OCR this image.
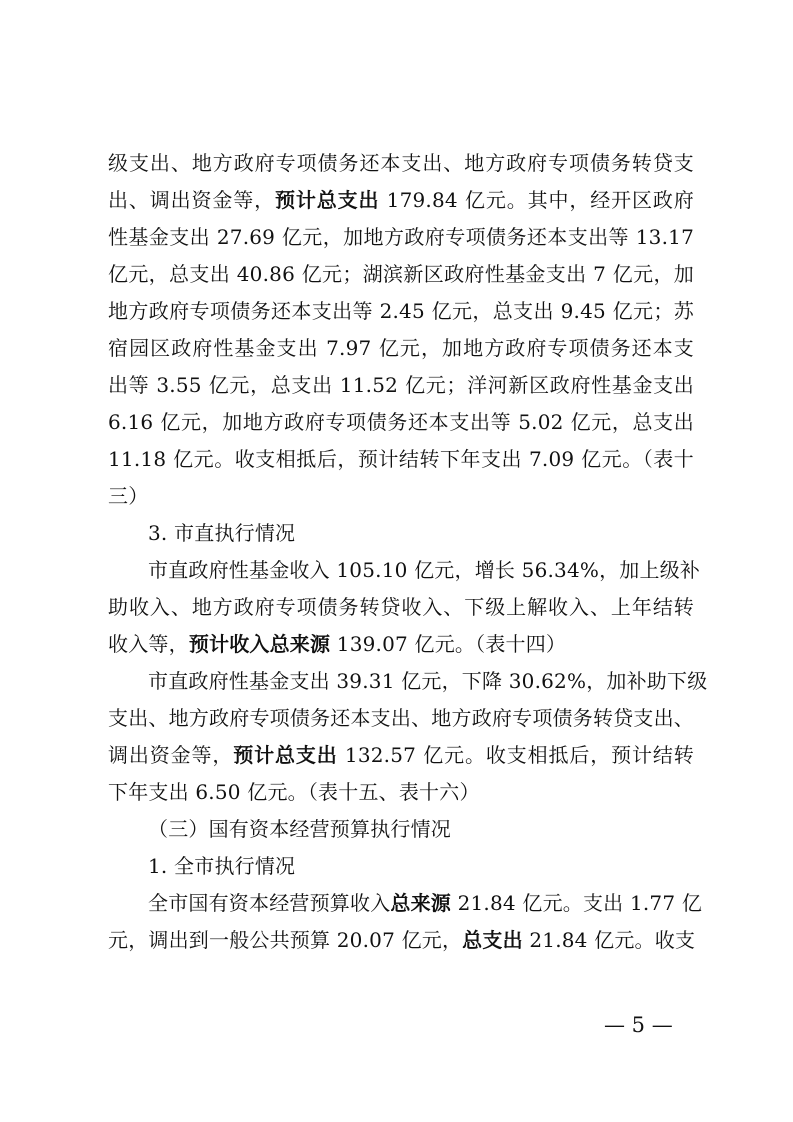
级支出、地方政府专项债务还本支出、地方政府专项债务转贷支
出、调出资金等，预计总支出 179.84 亿元。其中，经开区政府
性基金支出 27.69 亿元，加地方政府专项债务还本支出等 13.17
亿元，总支出 40.86 亿元；湖滨新区政府性基金支出 7 亿元，加
地方政府专项债务还本支出等 2.45 亿元，总支出 9.45 亿元；苏
宿园区政府性基金支出 7.97 亿元，加地方政府专项债务还本支
出等 3.55 亿元，总支出 11.52 亿元；洋河新区政府性基金支出
6.16 亿元，加地方政府专项债务还本支出等 5.02 亿元，总支出
11.18 亿元。收支相抵后，预计结转下年支出 7.09 亿元。（表十
三）
3. 市直执行情况
市直政府性基金收入 105.10 亿元，增长 56.34%，加上级补
助收入、地方政府专项债务转贷收入、下级上解收入、上年结转
收入等，预计收入总来源 139.07 亿元。（表十四）
市直政府性基金支出 39.31 亿元，下降 30.62%，加补助下级
支出、地方政府专项债务还本支出、地方政府专项债务转贷支出、
调出资金等，预计总支出 132.57 亿元。收支相抵后，预计结转
下年支出 6.50 亿元。（表十五、表十六）
（三）国有资本经营预算执行情况
1. 全市执行情况
全市国有资本经营预算收入总来源 21.84 亿元。支出 1.77 亿
元，调出到一般公共预算 20.07 亿元，总支出 21.84 亿元。收支
— 5 —
